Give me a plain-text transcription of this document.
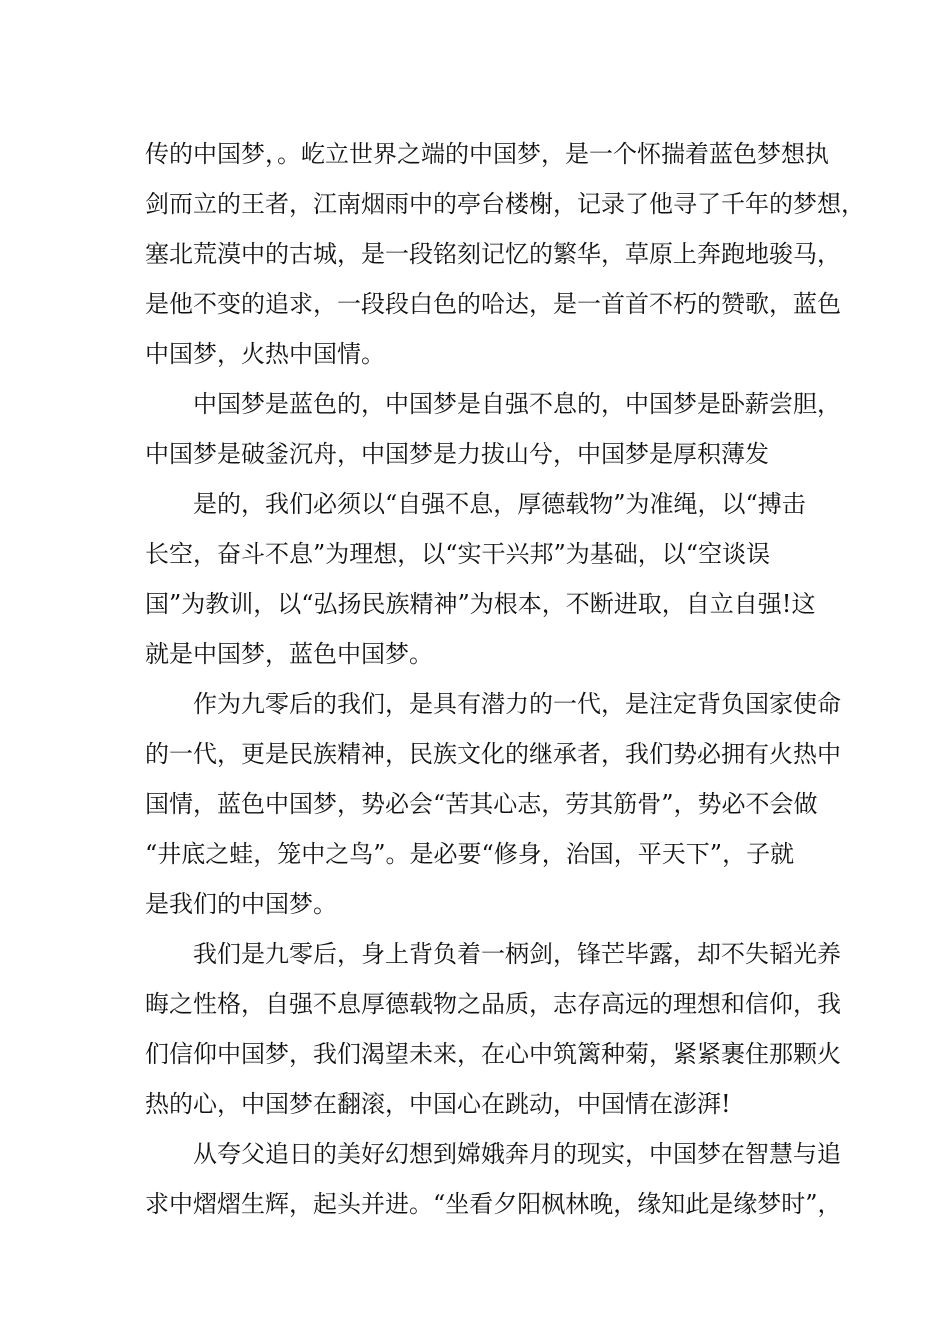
传的中国梦，。屹立世界之端的中国梦，是一个怀揣着蓝色梦想执

剑而立的王者，江南烟雨中的亭台楼榭，记录了他寻了千年的梦想，

塞北荒漠中的古城，是一段铭刻记忆的繁华，草原上奔跑地骏马，

是他不变的追求，一段段白色的哈达，是一首首不朽的赞歌，蓝色

中国梦，火热中国情。

中国梦是蓝色的，中国梦是自强不息的，中国梦是卧薪尝胆，

中国梦是破釜沉舟，中国梦是力拔山兮，中国梦是厚积薄发

是的，我们必须以“自强不息，厚德载物”为准绳，以“搏击

长空，奋斗不息”为理想，以“实干兴邦”为基础，以“空谈误

国”为教训，以“弘扬民族精神”为根本，不断进取，自立自强!这

就是中国梦，蓝色中国梦。

作为九零后的我们，是具有潜力的一代，是注定背负国家使命

的一代，更是民族精神，民族文化的继承者，我们势必拥有火热中

国情，蓝色中国梦，势必会“苦其心志，劳其筋骨”，势必不会做

“井底之蛙，笼中之鸟”。是必要“修身，治国，平天下”，子就

是我们的中国梦。

我们是九零后，身上背负着一柄剑，锋芒毕露，却不失韬光养

晦之性格，自强不息厚德载物之品质，志存高远的理想和信仰，我

们信仰中国梦，我们渴望未来，在心中筑篱种菊，紧紧裹住那颗火

热的心，中国梦在翻滚，中国心在跳动，中国情在澎湃!

从夸父追日的美好幻想到嫦娥奔月的现实，中国梦在智慧与追

求中熠熠生辉，起头并进。“坐看夕阳枫林晚，缘知此是缘梦时”，
